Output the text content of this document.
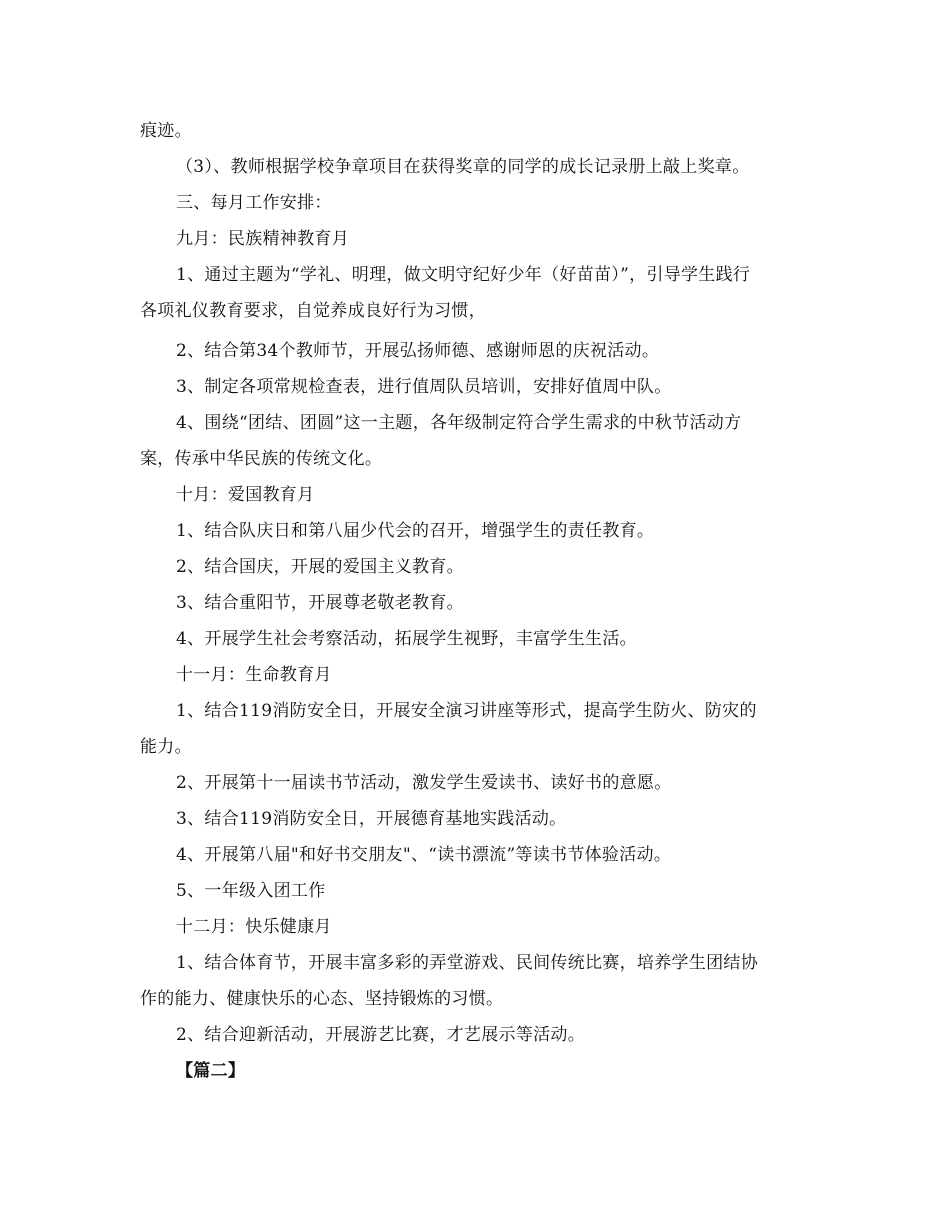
痕迹。
（3）、教师根据学校争章项目在获得奖章的同学的成长记录册上敲上奖章。
三、每月工作安排：
九月：民族精神教育月
1、通过主题为“学礼、明理，做文明守纪好少年（好苗苗）”，引导学生践行
各项礼仪教育要求，自觉养成良好行为习惯，
2、结合第34个教师节，开展弘扬师德、感谢师恩的庆祝活动。
3、制定各项常规检查表，进行值周队员培训，安排好值周中队。
4、围绕“团结、团圆”这一主题，各年级制定符合学生需求的中秋节活动方
案，传承中华民族的传统文化。
十月：爱国教育月
1、结合队庆日和第八届少代会的召开，增强学生的责任教育。
2、结合国庆，开展的爱国主义教育。
3、结合重阳节，开展尊老敬老教育。
4、开展学生社会考察活动，拓展学生视野，丰富学生生活。
十一月：生命教育月
1、结合119消防安全日，开展安全演习讲座等形式，提高学生防火、防灾的
能力。
2、开展第十一届读书节活动，激发学生爱读书、读好书的意愿。
3、结合119消防安全日，开展德育基地实践活动。
4、开展第八届"和好书交朋友"、“读书漂流”等读书节体验活动。
5、一年级入团工作
十二月：快乐健康月
1、结合体育节，开展丰富多彩的弄堂游戏、民间传统比赛，培养学生团结协
作的能力、健康快乐的心态、坚持锻炼的习惯。
2、结合迎新活动，开展游艺比赛，才艺展示等活动。
【篇二】
